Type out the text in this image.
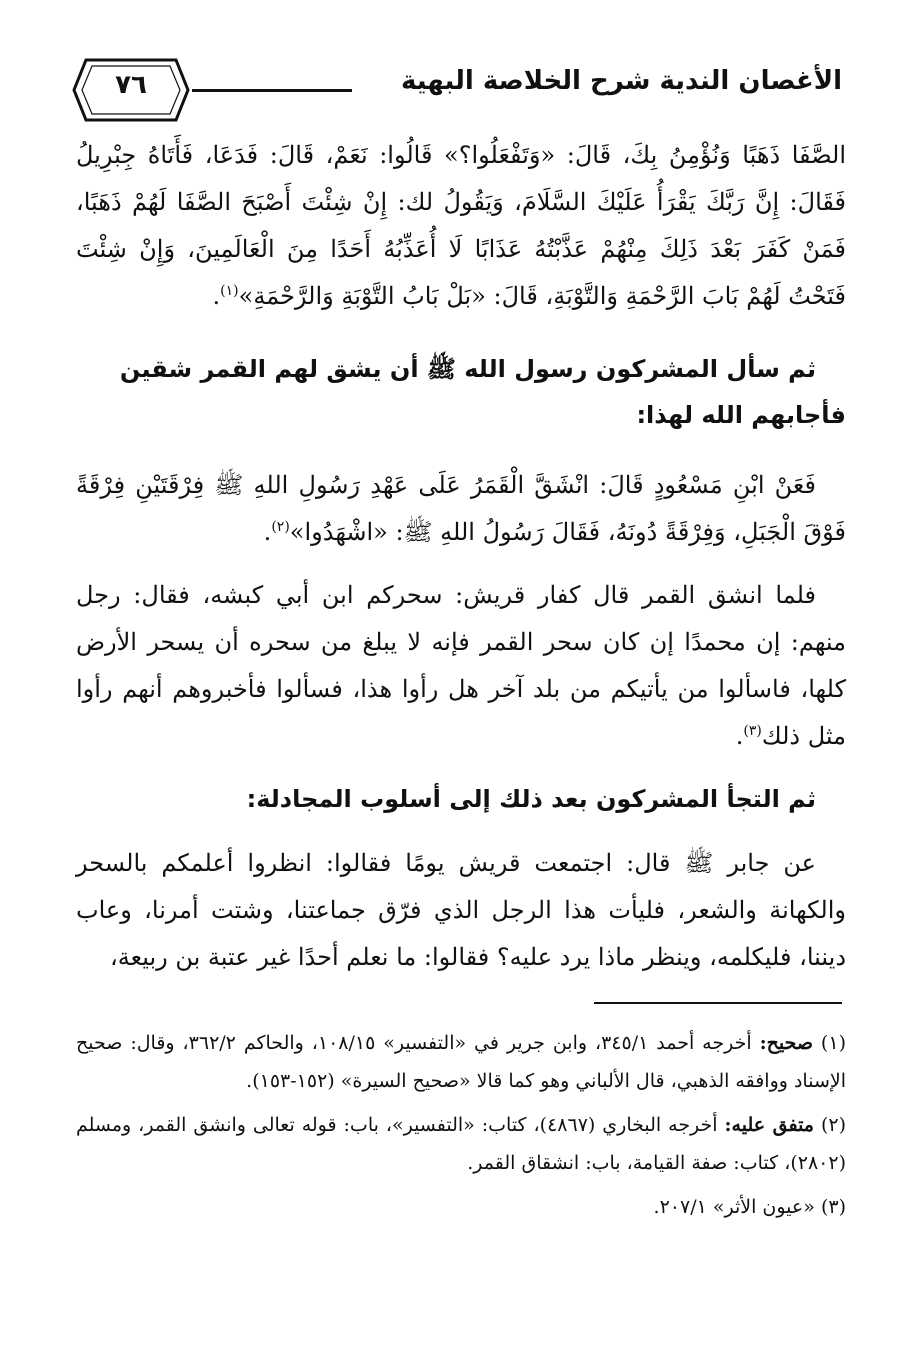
٧٦	الأغصان الندية شرح الخلاصة البهية

الصَّفَا ذَهَبًا وَنُؤْمِنُ بِكَ، قَالَ: «وَتَفْعَلُوا؟» قَالُوا: نَعَمْ، قَالَ: فَدَعَا، فَأَتَاهُ جِبْرِيلُ فَقَالَ: إِنَّ رَبَّكَ يَقْرَأُ عَلَيْكَ السَّلَامَ، وَيَقُولُ لك: إِنْ شِئْتَ أَصْبَحَ الصَّفَا لَهُمْ ذَهَبًا، فَمَنْ كَفَرَ بَعْدَ ذَلِكَ مِنْهُمْ عَذَّبْتُهُ عَذَابًا لَا أُعَذِّبُهُ أَحَدًا مِنَ الْعَالَمِينَ، وَإِنْ شِئْتَ فَتَحْتُ لَهُمْ بَابَ الرَّحْمَةِ وَالتَّوْبَةِ، قَالَ: «بَلْ بَابُ التَّوْبَةِ وَالرَّحْمَةِ»$^{(١)}$.

ثم سأل المشركون رسول الله ﷺ أن يشق لهم القمر شقين فأجابهم الله لهذا:

فَعَنْ ابْنِ مَسْعُودٍ قَالَ: انْشَقَّ الْقَمَرُ عَلَى عَهْدِ رَسُولِ اللهِ ﷺ فِرْقَتَيْنِ فِرْقَةً فَوْقَ الْجَبَلِ، وَفِرْقَةً دُونَهُ، فَقَالَ رَسُولُ اللهِ ﷺ: «اشْهَدُوا»$^{(٢)}$.

فلما انشق القمر قال كفار قريش: سحركم ابن أبي كبشه، فقال: رجل منهم: إن محمدًا إن كان سحر القمر فإنه لا يبلغ من سحره أن يسحر الأرض كلها، فاسألوا من يأتيكم من بلد آخر هل رأوا هذا، فسألوا فأخبروهم أنهم رأوا مثل ذلك$^{(٣)}$.

ثم التجأ المشركون بعد ذلك إلى أسلوب المجادلة:

عن جابر ﷺ قال: اجتمعت قريش يومًا فقالوا: انظروا أعلمكم بالسحر والكهانة والشعر، فليأت هذا الرجل الذي فرّق جماعتنا، وشتت أمرنا، وعاب ديننا، فليكلمه، وينظر ماذا يرد عليه؟ فقالوا: ما نعلم أحدًا غير عتبة بن ربيعة،

(١) صحيح: أخرجه أحمد ٣٤٥/١، وابن جرير في «التفسير» ١٠٨/١٥، والحاكم ٣٦٢/٢، وقال: صحيح الإسناد ووافقه الذهبي، قال الألباني وهو كما قالا «صحيح السيرة» (١٥٢-١٥٣).

(٢) متفق عليه: أخرجه البخاري (٤٨٦٧)، كتاب: «التفسير»، باب: قوله تعالى وانشق القمر، ومسلم (٢٨٠٢)، كتاب: صفة القيامة، باب: انشقاق القمر.

(٣) «عيون الأثر» ٢٠٧/١.
